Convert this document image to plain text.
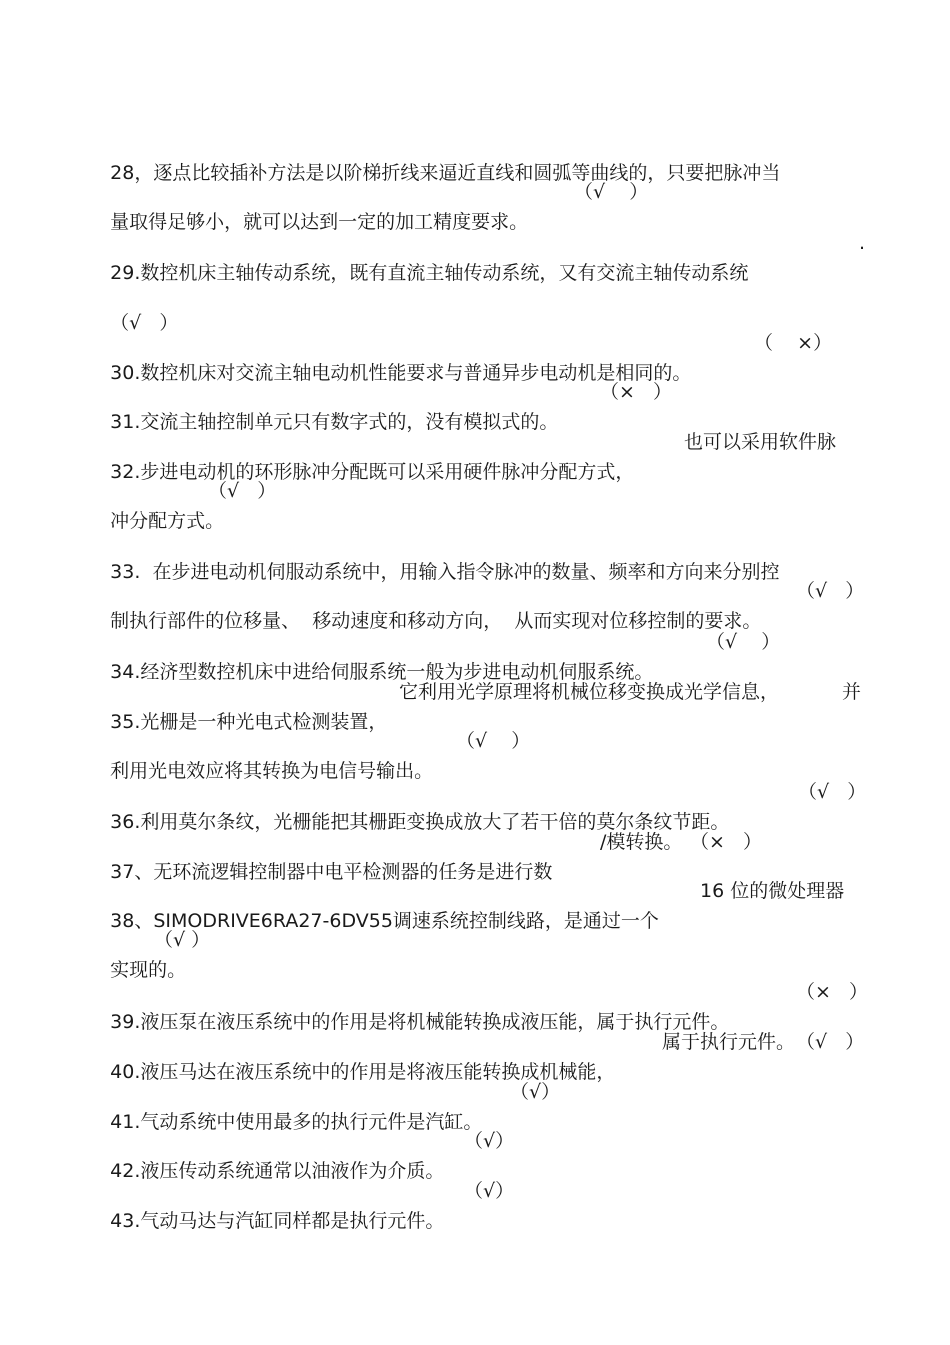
28，逐点比较插补方法是以阶梯折线来逼近直线和圆弧等曲线的，只要把脉冲当

量取得足够小，就可以达到一定的加工精度要求。

（√    ）

29.数控机床主轴传动系统，既有直流主轴传动系统，又有交流主轴传动系统

.

（√   ）

30.数控机床对交流主轴电动机性能要求与普通异步电动机是相同的。

（    ×）

31.交流主轴控制单元只有数字式的，没有模拟式的。

（×   ）

32.步进电动机的环形脉冲分配既可以采用硬件脉冲分配方式，

也可以采用软件脉

冲分配方式。

（√   ）

33.  在步进电动机伺服动系统中，用输入指令脉冲的数量、频率和方向来分别控

制执行部件的位移量、  移动速度和移动方向，  从而实现对位移控制的要求。

（√   ）

34.经济型数控机床中进给伺服系统一般为步进电动机伺服系统。

（√    ）

35.光栅是一种光电式检测装置，

它利用光学原理将机械位移变换成光学信息，

	并

利用光电效应将其转换为电信号输出。

（√    ）

36.利用莫尔条纹，光栅能把其栅距变换成放大了若干倍的莫尔条纹节距。

（√   ）

37、无环流逻辑控制器中电平检测器的任务是进行数

/模转换。

（×   ）

38、SIMODRIVE6RA27-6DV55调速系统控制线路，是通过一个

16 位的微处理器

实现的。

（√ ）

39.液压泵在液压系统中的作用是将机械能转换成液压能，属于执行元件。

（×   ）

40.液压马达在液压系统中的作用是将液压能转换成机械能，

属于执行元件。

（√   ）

41.气动系统中使用最多的执行元件是汽缸。

（√）

42.液压传动系统通常以油液作为介质。

（√）

43.气动马达与汽缸同样都是执行元件。

（√）
